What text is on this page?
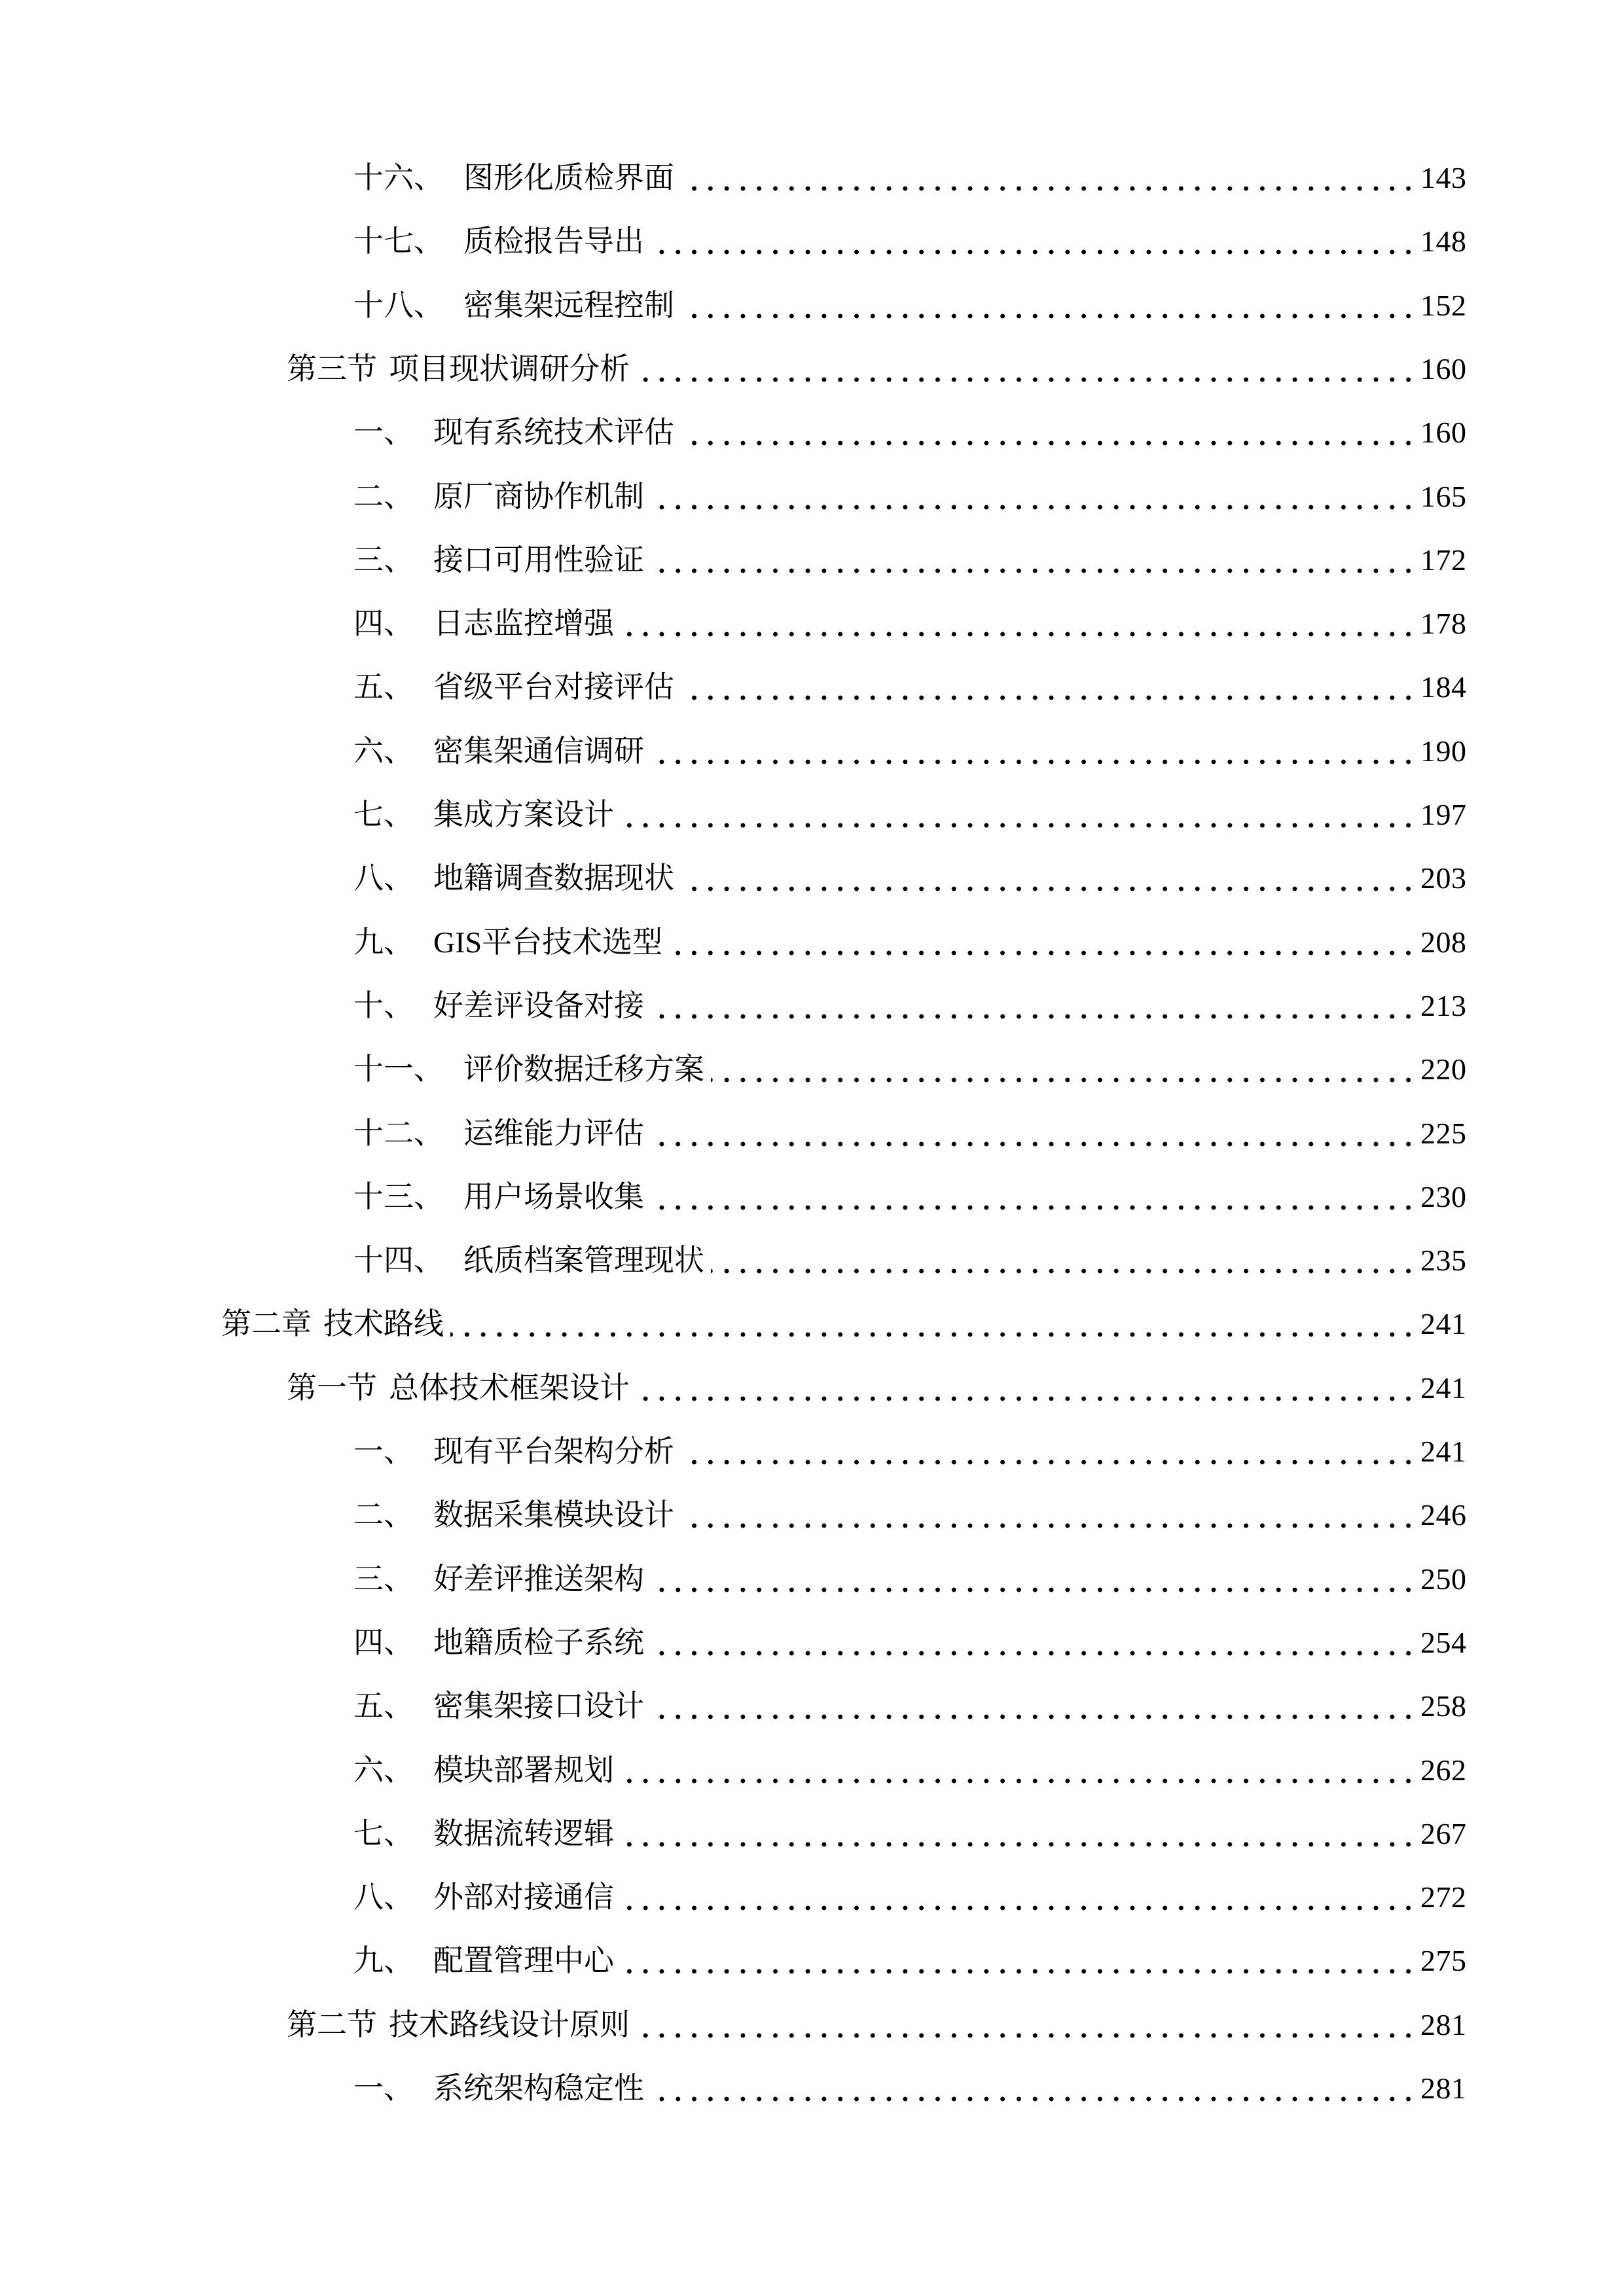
十六、 图形化质检界面	143
十七、 质检报告导出	148
十八、 密集架远程控制	152
第三节 项目现状调研分析	160
一、 现有系统技术评估	160
二、 原厂商协作机制	165
三、 接口可用性验证	172
四、 日志监控增强	178
五、 省级平台对接评估	184
六、 密集架通信调研	190
七、 集成方案设计	197
八、 地籍调查数据现状	203
九、 GIS平台技术选型	208
十、 好差评设备对接	213
十一、 评价数据迁移方案	220
十二、 运维能力评估	225
十三、 用户场景收集	230
十四、 纸质档案管理现状	235
第二章 技术路线	241
第一节 总体技术框架设计	241
一、 现有平台架构分析	241
二、 数据采集模块设计	246
三、 好差评推送架构	250
四、 地籍质检子系统	254
五、 密集架接口设计	258
六、 模块部署规划	262
七、 数据流转逻辑	267
八、 外部对接通信	272
九、 配置管理中心	275
第二节 技术路线设计原则	281
一、 系统架构稳定性	281
